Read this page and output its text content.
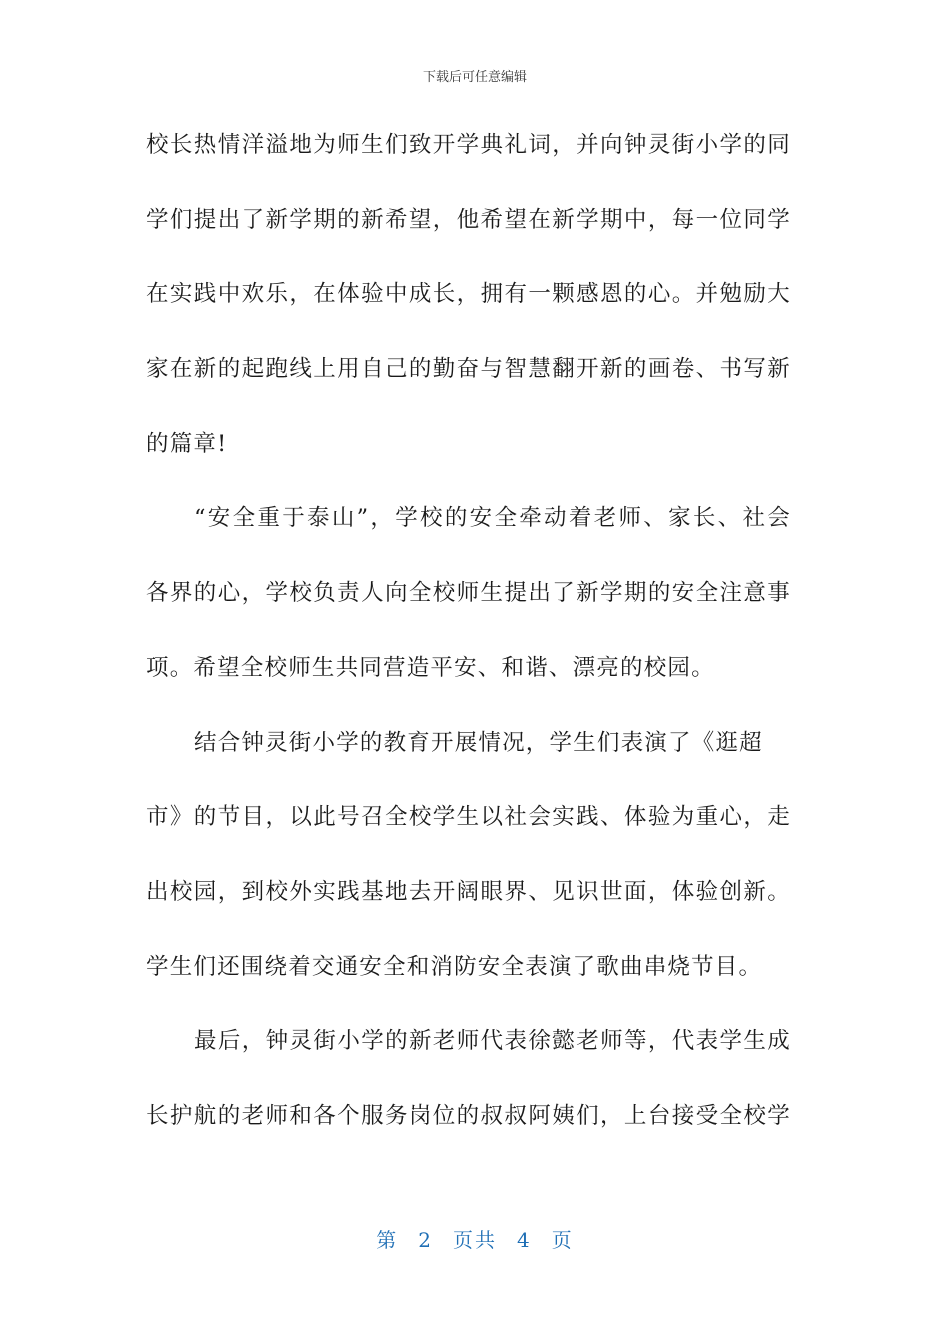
下载后可任意编辑
校长热情洋溢地为师生们致开学典礼词，并向钟灵街小学的同
学们提出了新学期的新希望，他希望在新学期中，每一位同学
在实践中欢乐，在体验中成长，拥有一颗感恩的心。并勉励大
家在新的起跑线上用自己的勤奋与智慧翻开新的画卷、书写新
的篇章!
“安全重于泰山”，学校的安全牵动着老师、家长、社会
各界的心，学校负责人向全校师生提出了新学期的安全注意事
项。希望全校师生共同营造平安、和谐、漂亮的校园。
结合钟灵街小学的教育开展情况，学生们表演了《逛超
市》的节目，以此号召全校学生以社会实践、体验为重心，走
出校园，到校外实践基地去开阔眼界、见识世面，体验创新。
学生们还围绕着交通安全和消防安全表演了歌曲串烧节目。
最后，钟灵街小学的新老师代表徐懿老师等，代表学生成
长护航的老师和各个服务岗位的叔叔阿姨们，上台接受全校学
第 2 页共 4 页
